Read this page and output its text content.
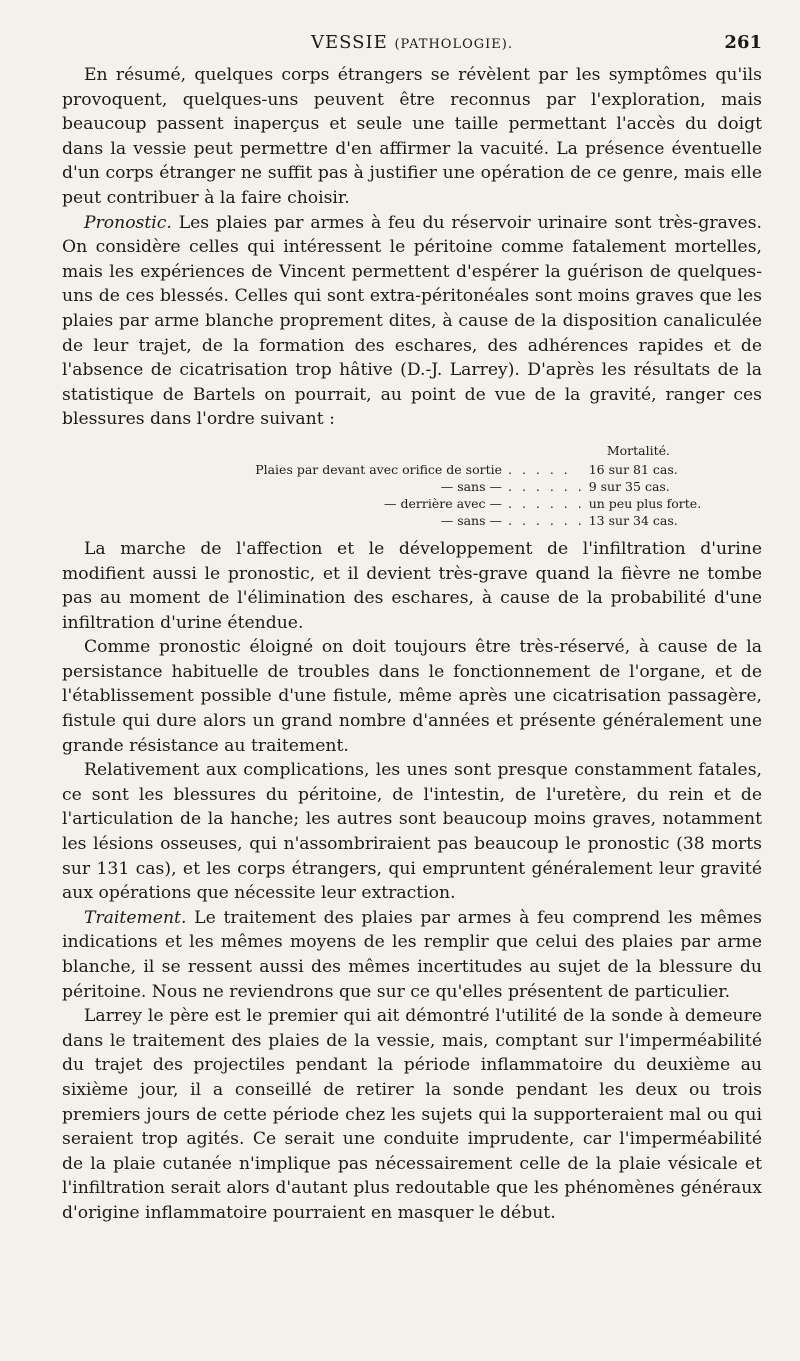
VESSIE (PATHOLOGIE).	261

En résumé, quelques corps étrangers se révèlent par les symptômes qu'ils provoquent, quelques-uns peuvent être reconnus par l'exploration, mais beaucoup passent inaperçus et seule une taille permettant l'accès du doigt dans la vessie peut permettre d'en affirmer la vacuité. La présence éventuelle d'un corps étranger ne suffit pas à justifier une opération de ce genre, mais elle peut contribuer à la faire choisir.

Pronostic. Les plaies par armes à feu du réservoir urinaire sont très-graves. On considère celles qui intéressent le péritoine comme fatalement mortelles, mais les expériences de Vincent permettent d'espérer la guérison de quelques-uns de ces blessés. Celles qui sont extra-péritonéales sont moins graves que les plaies par arme blanche proprement dites, à cause de la disposition canaliculée de leur trajet, de la formation des eschares, des adhérences rapides et de l'absence de cicatrisation trop hâtive (D.-J. Larrey). D'après les résultats de la statistique de Bartels on pourrait, au point de vue de la gravité, ranger ces blessures dans l'ordre suivant :

Mortalité.
Plaies par devant avec orifice de sortie	. . . . .	16 sur 81 cas.
— sans —	. . . . . .	9 sur 35 cas.
— derrière avec —	. . . . . .	un peu plus forte.
— sans —	. . . . . .	13 sur 34 cas.

La marche de l'affection et le développement de l'infiltration d'urine modifient aussi le pronostic, et il devient très-grave quand la fièvre ne tombe pas au moment de l'élimination des eschares, à cause de la probabilité d'une infiltration d'urine étendue.

Comme pronostic éloigné on doit toujours être très-réservé, à cause de la persistance habituelle de troubles dans le fonctionnement de l'organe, et de l'établissement possible d'une fistule, même après une cicatrisation passagère, fistule qui dure alors un grand nombre d'années et présente généralement une grande résistance au traitement.

Relativement aux complications, les unes sont presque constamment fatales, ce sont les blessures du péritoine, de l'intestin, de l'uretère, du rein et de l'articulation de la hanche; les autres sont beaucoup moins graves, notamment les lésions osseuses, qui n'assombriraient pas beaucoup le pronostic (38 morts sur 131 cas), et les corps étrangers, qui empruntent généralement leur gravité aux opérations que nécessite leur extraction.

Traitement. Le traitement des plaies par armes à feu comprend les mêmes indications et les mêmes moyens de les remplir que celui des plaies par arme blanche, il se ressent aussi des mêmes incertitudes au sujet de la blessure du péritoine. Nous ne reviendrons que sur ce qu'elles présentent de particulier.

Larrey le père est le premier qui ait démontré l'utilité de la sonde à demeure dans le traitement des plaies de la vessie, mais, comptant sur l'imperméabilité du trajet des projectiles pendant la période inflammatoire du deuxième au sixième jour, il a conseillé de retirer la sonde pendant les deux ou trois premiers jours de cette période chez les sujets qui la supporteraient mal ou qui seraient trop agités. Ce serait une conduite imprudente, car l'imperméabilité de la plaie cutanée n'implique pas nécessairement celle de la plaie vésicale et l'infiltration serait alors d'autant plus redoutable que les phénomènes généraux d'origine inflammatoire pourraient en masquer le début.
